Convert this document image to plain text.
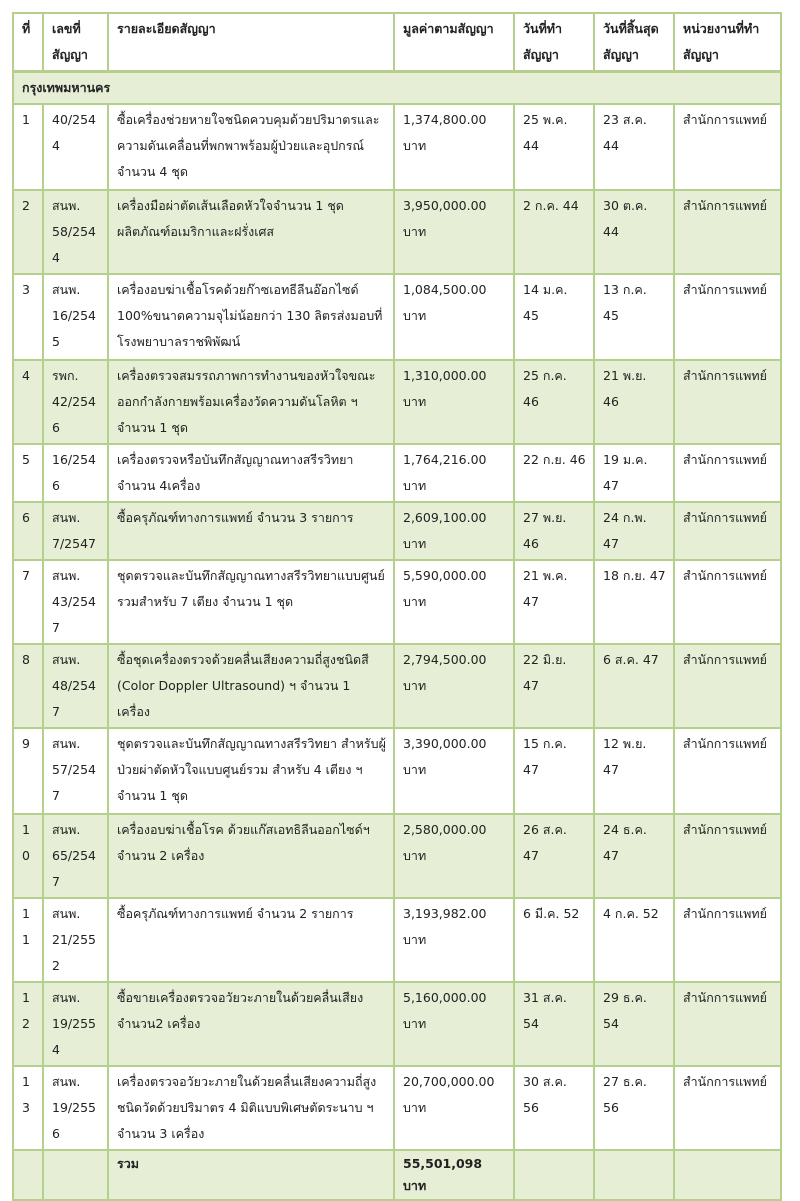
ที่	เลขที่สัญญา	รายละเอียดสัญญา	มูลค่าตามสัญญา	วันที่ทำสัญญา	วันที่สิ้นสุดสัญญา	หน่วยงานที่ทำสัญญา
กรุงเทพมหานคร						
1	40/2544	ซื้อเครื่องช่วยหายใจชนิดควบคุมด้วยปริมาตรและความดันเคลื่อนที่พกพาพร้อมผู้ป่วยและอุปกรณ์ จำนวน 4 ชุด	1,374,800.00 บาท	25 พ.ค. 44	23 ส.ค. 44	สำนักการแพทย์
2	สนพ. 58/2544	เครื่องมือผ่าตัดเส้นเลือดหัวใจจำนวน 1 ชุด ผลิตภัณฑ์อเมริกาและฝรั่งเศส	3,950,000.00 บาท	2 ก.ค. 44	30 ต.ค. 44	สำนักการแพทย์
3	สนพ. 16/2545	เครื่องอบฆ่าเชื้อโรคด้วยก๊าซเอทธีลีนอ๊อกไซด์ 100%ขนาดความจุไม่น้อยกว่า 130 ลิตรส่งมอบที่โรงพยาบาลราชพิพัฒน์	1,084,500.00 บาท	14 ม.ค. 45	13 ก.ค. 45	สำนักการแพทย์
4	รพก. 42/2546	เครื่องตรวจสมรรถภาพการทำงานของหัวใจขณะออกกำลังกายพร้อมเครื่องวัดความดันโลหิต ฯ จำนวน 1 ชุด	1,310,000.00 บาท	25 ก.ค. 46	21 พ.ย. 46	สำนักการแพทย์
5	16/2546	เครื่องตรวจหรือบันทึกสัญญาณทางสรีรวิทยา จำนวน 4เครื่อง	1,764,216.00 บาท	22 ก.ย. 46	19 ม.ค. 47	สำนักการแพทย์
6	สนพ. 7/2547	ซื้อครุภัณฑ์ทางการแพทย์ จำนวน 3 รายการ	2,609,100.00 บาท	27 พ.ย. 46	24 ก.พ. 47	สำนักการแพทย์
7	สนพ. 43/2547	ชุดตรวจและบันทึกสัญญาณทางสรีรวิทยาแบบศูนย์รวมสำหรับ 7 เตียง จำนวน 1 ชุด	5,590,000.00 บาท	21 พ.ค. 47	18 ก.ย. 47	สำนักการแพทย์
8	สนพ. 48/2547	ซื้อชุดเครื่องตรวจด้วยคลื่นเสียงความถี่สูงชนิดสี (Color Doppler Ultrasound) ฯ จำนวน 1 เครื่อง	2,794,500.00 บาท	22 มิ.ย. 47	6 ส.ค. 47	สำนักการแพทย์
9	สนพ. 57/2547	ชุดตรวจและบันทึกสัญญาณทางสรีรวิทยา สำหรับผู้ป่วยผ่าตัดหัวใจแบบศูนย์รวม สำหรับ 4 เตียง ฯ จำนวน 1 ชุด	3,390,000.00 บาท	15 ก.ค. 47	12 พ.ย. 47	สำนักการแพทย์
10	สนพ. 65/2547	เครื่องอบฆ่าเชื้อโรค ด้วยแก๊สเอทธิลีนออกไซด์ฯ จำนวน 2 เครื่อง	2,580,000.00 บาท	26 ส.ค. 47	24 ธ.ค. 47	สำนักการแพทย์
11	สนพ. 21/2552	ซื้อครุภัณฑ์ทางการแพทย์ จำนวน 2 รายการ	3,193,982.00 บาท	6 มี.ค. 52	4 ก.ค. 52	สำนักการแพทย์
12	สนพ. 19/2554	ซื้อขายเครื่องตรวจอวัยวะภายในด้วยคลื่นเสียง จำนวน2 เครื่อง	5,160,000.00 บาท	31 ส.ค. 54	29 ธ.ค. 54	สำนักการแพทย์
13	สนพ. 19/2556	เครื่องตรวจอวัยวะภายในด้วยคลื่นเสียงความถี่สูงชนิดวัดด้วยปริมาตร 4 มิติแบบพิเศษตัดระนาบ ฯ จำนวน 3 เครื่อง	20,700,000.00 บาท	30 ส.ค. 56	27 ธ.ค. 56	สำนักการแพทย์
		รวม	55,501,098 บาท			
